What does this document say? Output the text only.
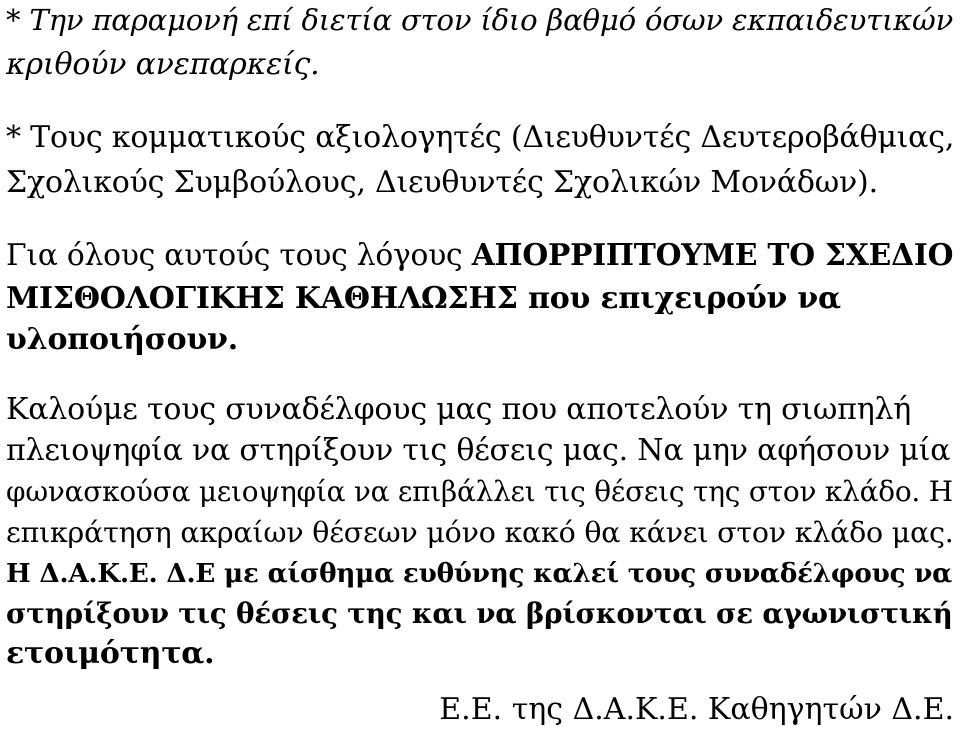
* Την παραμονή επί διετία στον ίδιο βαθμό όσων εκπαιδευτικών
κριθούν ανεπαρκείς.
* Τους κομματικούς αξιολογητές (Διευθυντές Δευτεροβάθμιας,
Σχολικούς Συμβούλους, Διευθυντές Σχολικών Μονάδων).
Για όλους αυτούς τους λόγους ΑΠΟΡΡΙΠΤΟΥΜΕ ΤΟ ΣΧΕΔΙΟ
ΜΙΣΘΟΛΟΓΙΚΗΣ ΚΑΘΗΛΩΣΗΣ που επιχειρούν να
υλοποιήσουν.
Καλούμε τους συναδέλφους μας που αποτελούν τη σιωπηλή
πλειοψηφία να στηρίξουν τις θέσεις μας. Να μην αφήσουν μία
φωνασκούσα μειοψηφία να επιβάλλει τις θέσεις της στον κλάδο. Η
επικράτηση ακραίων θέσεων μόνο κακό θα κάνει στον κλάδο μας.
Η Δ.Α.Κ.Ε. Δ.Ε με αίσθημα ευθύνης καλεί τους συναδέλφους να
στηρίξουν τις θέσεις της και να βρίσκονται σε αγωνιστική
ετοιμότητα.
Ε.Ε. της Δ.Α.Κ.Ε. Καθηγητών Δ.Ε.
